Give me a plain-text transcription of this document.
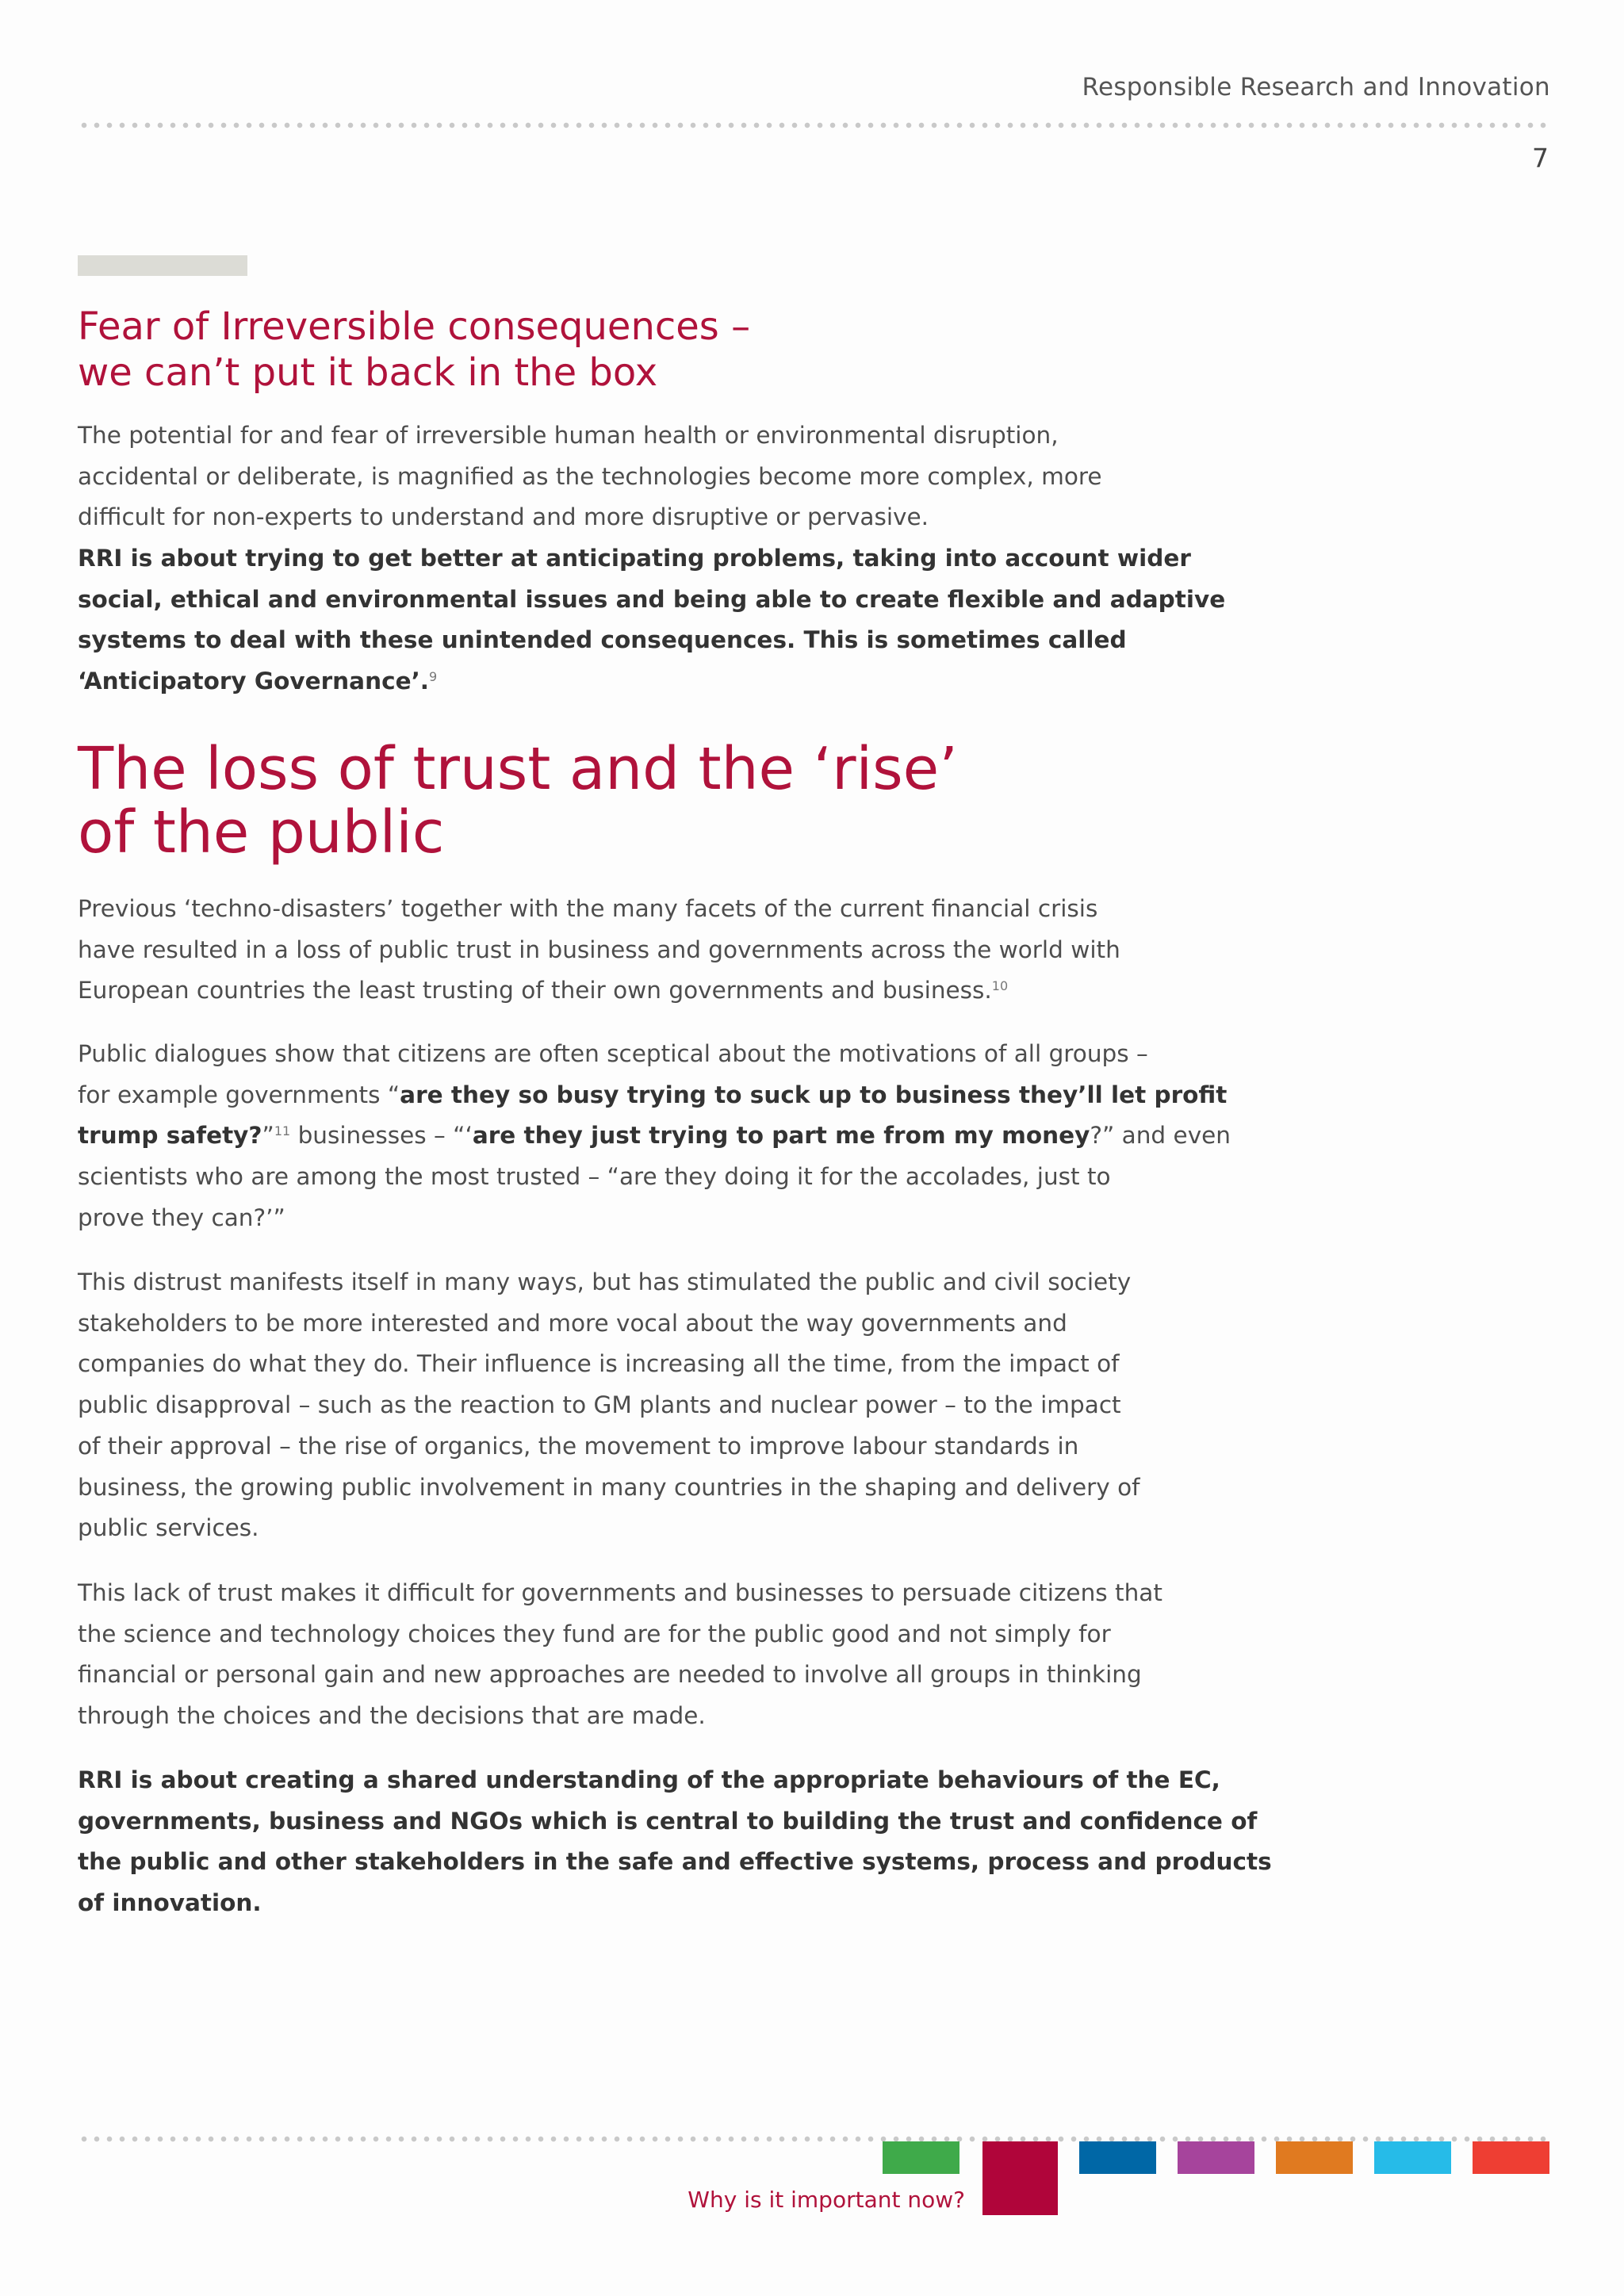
Responsible Research and Innovation
7
Fear of Irreversible consequences –
we can’t put it back in the box

The potential for and fear of irreversible human health or environmental disruption,
accidental or deliberate, is magnified as the technologies become more complex, more
difficult for non-experts to understand and more disruptive or pervasive.

RRI is about trying to get better at anticipating problems, taking into account wider
social, ethical and environmental issues and being able to create flexible and adaptive
systems to deal with these unintended consequences. This is sometimes called
‘Anticipatory Governance’.$^9$

The loss of trust and the ‘rise’
of the public

Previous ‘techno-disasters’ together with the many facets of the current financial crisis
have resulted in a loss of public trust in business and governments across the world with
European countries the least trusting of their own governments and business.$^{10}$

Public dialogues show that citizens are often sceptical about the motivations of all groups –
for example governments “are they so busy trying to suck up to business they’ll let profit
trump safety?”$^{11}$ businesses – “‘are they just trying to part me from my money?” and even
scientists who are among the most trusted – “are they doing it for the accolades, just to
prove they can?’”

This distrust manifests itself in many ways, but has stimulated the public and civil society
stakeholders to be more interested and more vocal about the way governments and
companies do what they do. Their influence is increasing all the time, from the impact of
public disapproval – such as the reaction to GM plants and nuclear power – to the impact
of their approval – the rise of organics, the movement to improve labour standards in
business, the growing public involvement in many countries in the shaping and delivery of
public services.

This lack of trust makes it difficult for governments and businesses to persuade citizens that
the science and technology choices they fund are for the public good and not simply for
financial or personal gain and new approaches are needed to involve all groups in thinking
through the choices and the decisions that are made.

RRI is about creating a shared understanding of the appropriate behaviours of the EC,
governments, business and NGOs which is central to building the trust and confidence of
the public and other stakeholders in the safe and effective systems, process and products
of innovation.

Why is it important now?
